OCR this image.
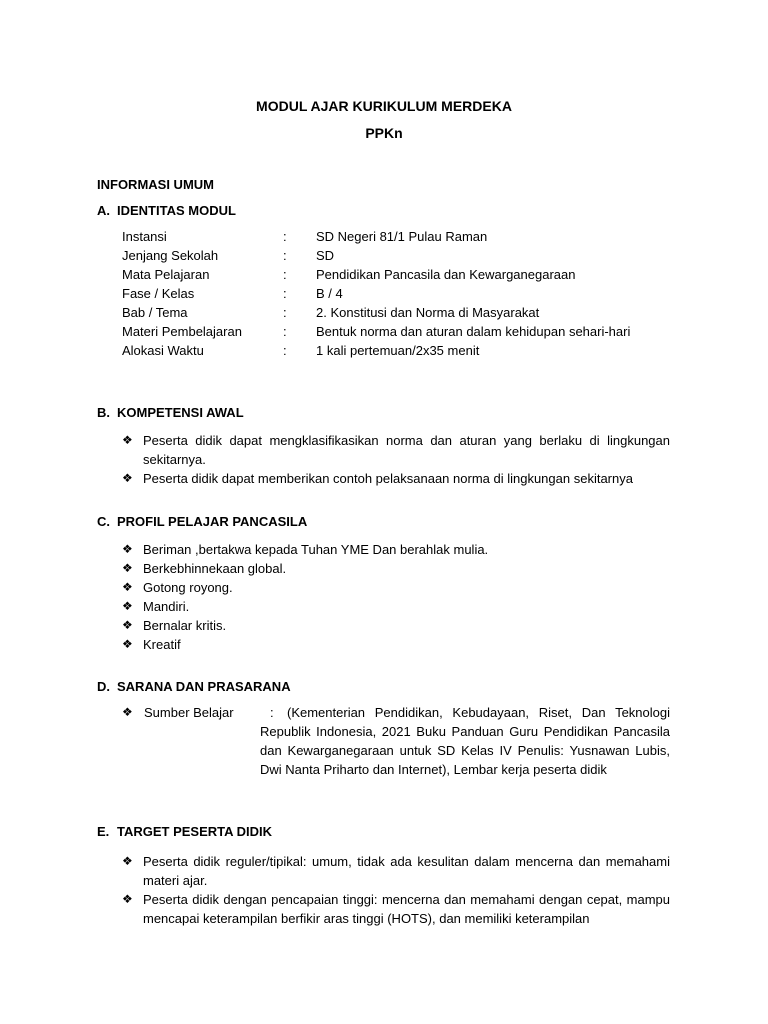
MODUL AJAR KURIKULUM MERDEKA
PPKn
INFORMASI UMUM
A. IDENTITAS MODUL
Instansi	: SD Negeri 81/1 Pulau Raman
Jenjang Sekolah	: SD
Mata Pelajaran	: Pendidikan Pancasila dan Kewarganegaraan
Fase / Kelas	: B / 4
Bab / Tema	: 2. Konstitusi dan Norma di Masyarakat
Materi Pembelajaran	: Bentuk norma dan aturan dalam kehidupan sehari-hari
Alokasi Waktu	: 1 kali pertemuan/2x35 menit
B. KOMPETENSI AWAL
❖ Peserta didik dapat mengklasifikasikan norma dan aturan yang berlaku di lingkungan sekitarnya.
❖ Peserta didik dapat memberikan contoh pelaksanaan norma di lingkungan sekitarnya
C. PROFIL PELAJAR PANCASILA
❖ Beriman ,bertakwa kepada Tuhan YME Dan berahlak mulia.
❖ Berkebhinnekaan global.
❖ Gotong royong.
❖ Mandiri.
❖ Bernalar kritis.
❖ Kreatif
D. SARANA DAN PRASARANA
❖ Sumber Belajar	:	(Kementerian Pendidikan, Kebudayaan, Riset, Dan Teknologi Republik Indonesia, 2021 Buku Panduan Guru Pendidikan Pancasila dan Kewarganegaraan untuk SD Kelas IV Penulis: Yusnawan Lubis, Dwi Nanta Priharto dan Internet), Lembar kerja peserta didik
E. TARGET PESERTA DIDIK
❖ Peserta didik reguler/tipikal: umum, tidak ada kesulitan dalam mencerna dan memahami materi ajar.
❖ Peserta didik dengan pencapaian tinggi: mencerna dan memahami dengan cepat, mampu mencapai keterampilan berfikir aras tinggi (HOTS), dan memiliki keterampilan
